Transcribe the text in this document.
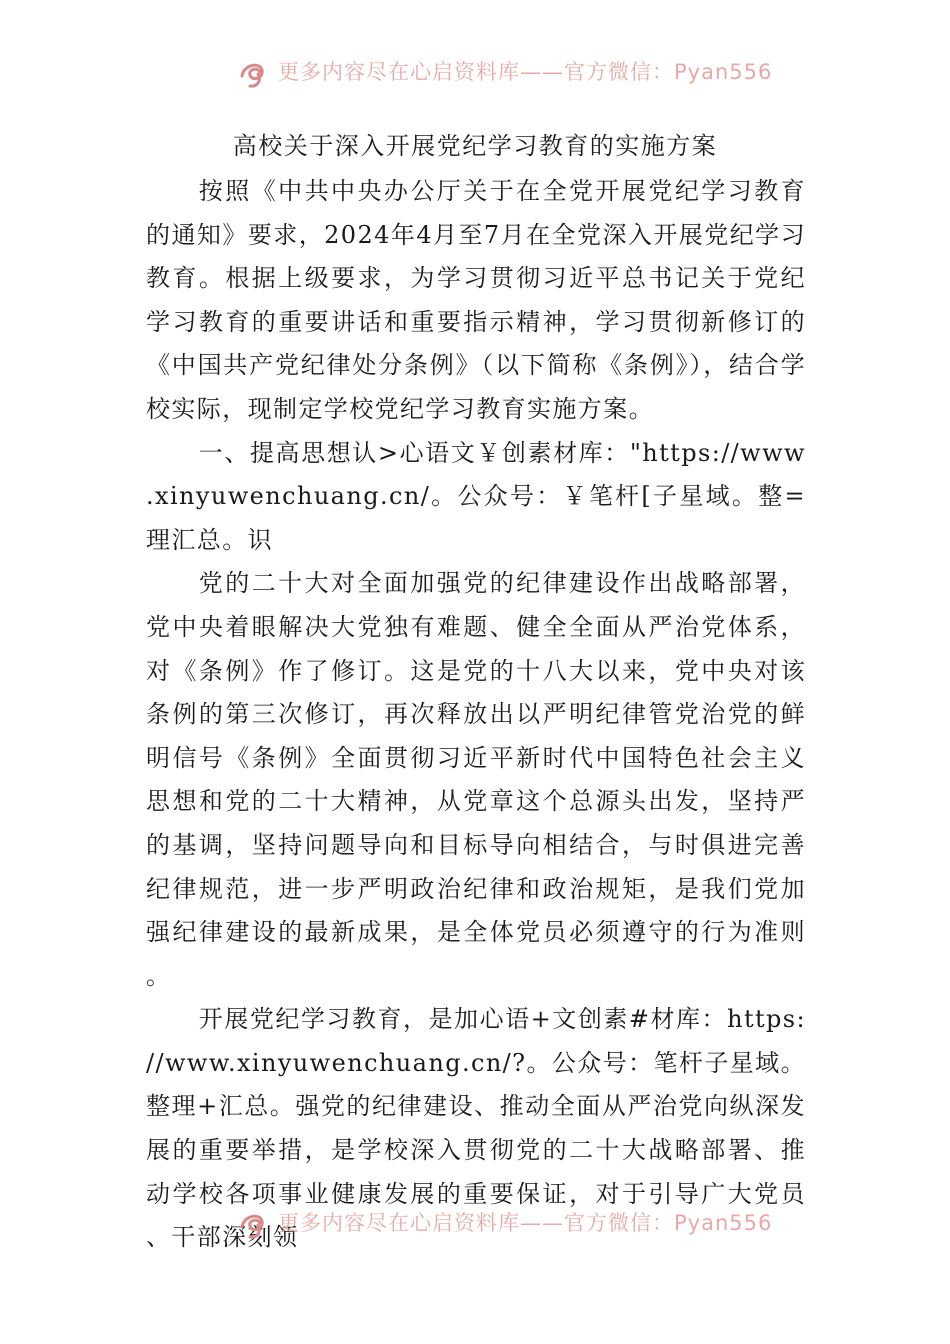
更多内容尽在心启资料库——官方微信：Pyan556
高校关于深入开展党纪学习教育的实施方案

按照《中共中央办公厅关于在全党开展党纪学习教育的通知》要求，2024年4月至7月在全党深入开展党纪学习教育。根据上级要求，为学习贯彻习近平总书记关于党纪学习教育的重要讲话和重要指示精神，学习贯彻新修订的《中国共产党纪律处分条例》（以下简称《条例》），结合学校实际，现制定学校党纪学习教育实施方案。

一、提高思想认>心语文￥创素材库："https://www.xinyuwenchuang.cn/。公众号：￥笔杆[子星域。整=理汇总。识

党的二十大对全面加强党的纪律建设作出战略部署，党中央着眼解决大党独有难题、健全全面从严治党体系，对《条例》作了修订。这是党的十八大以来，党中央对该条例的第三次修订，再次释放出以严明纪律管党治党的鲜明信号《条例》全面贯彻习近平新时代中国特色社会主义思想和党的二十大精神，从党章这个总源头出发，坚持严的基调，坚持问题导向和目标导向相结合，与时俱进完善纪律规范，进一步严明政治纪律和政治规矩，是我们党加强纪律建设的最新成果，是全体党员必须遵守的行为准则。

开展党纪学习教育，是加心语+文创素#材库：https://www.xinyuwenchuang.cn/?。公众号：笔杆子星域。整理+汇总。强党的纪律建设、推动全面从严治党向纵深发展的重要举措，是学校深入贯彻党的二十大战略部署、推动学校各项事业健康发展的重要保证，对于引导广大党员、干部深刻领

更多内容尽在心启资料库——官方微信：Pyan556
